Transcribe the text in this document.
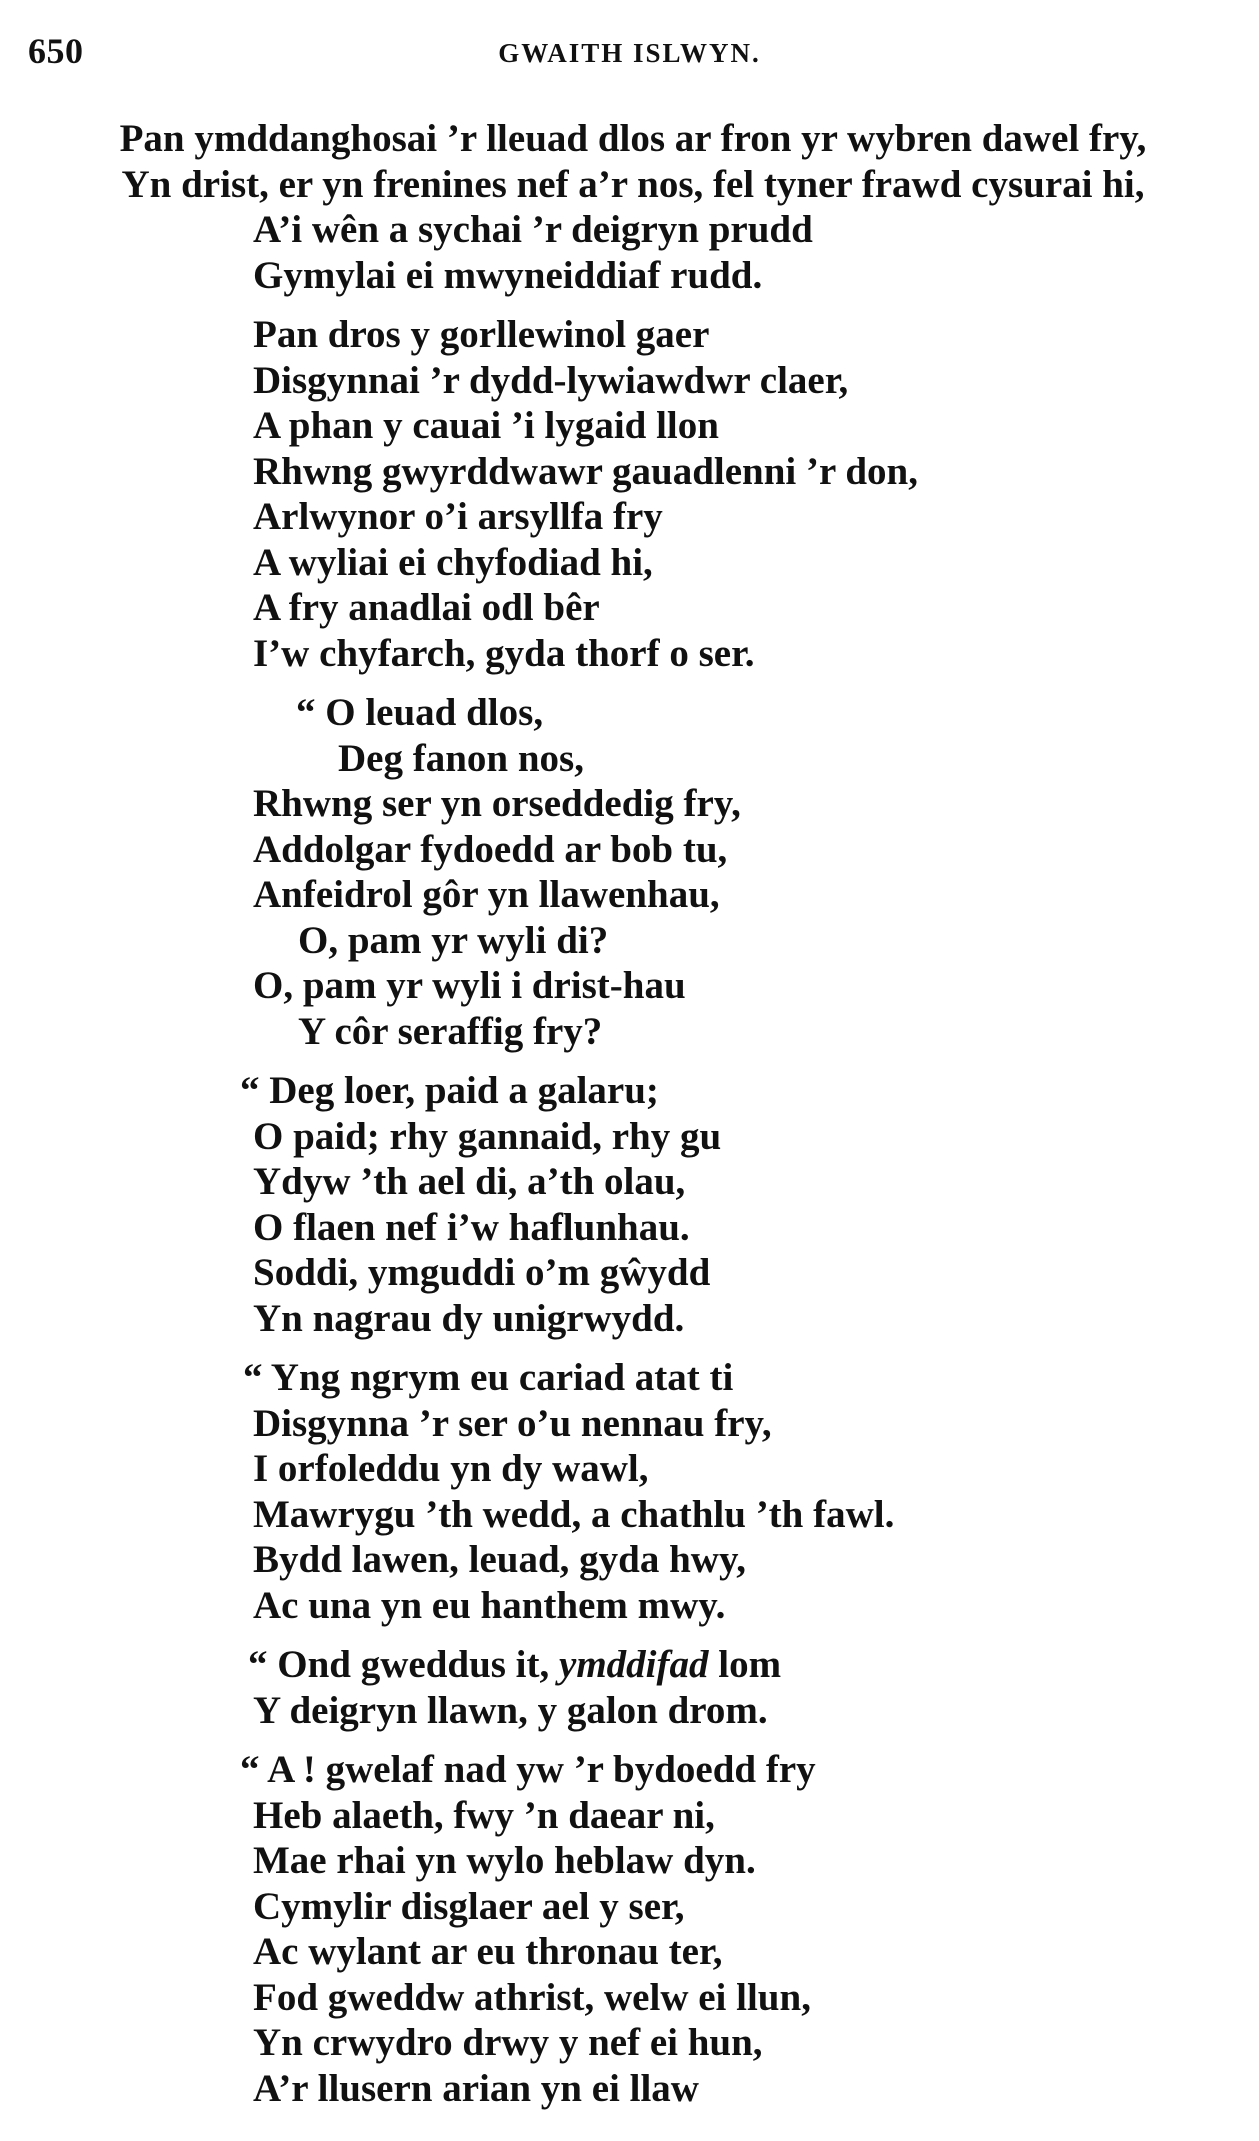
650	GWAITH ISLWYN.
Pan ymddanghosai ’r lleuad dlos ar fron yr wybren dawel fry,
Yn drist, er yn frenines nef a’r nos, fel tyner frawd cysurai hi,
A’i wên a sychai ’r deigryn prudd
Gymylai ei mwyneiddiaf rudd.
Pan dros y gorllewinol gaer
Disgynnai ’r dydd-lywiawdwr claer,
A phan y cauai ’i lygaid llon
Rhwng gwyrddwawr gauadlenni ’r don,
Arlwynor o’i arsyllfa fry
A wyliai ei chyfodiad hi,
A fry anadlai odl bêr
I’w chyfarch, gyda thorf o ser.
“ O leuad dlos,
Deg fanon nos,
Rhwng ser yn orseddedig fry,
Addolgar fydoedd ar bob tu,
Anfeidrol gôr yn llawenhau,
O, pam yr wyli di?
O, pam yr wyli i drist-hau
Y côr seraffig fry?
“ Deg loer, paid a galaru;
O paid; rhy gannaid, rhy gu
Ydyw ’th ael di, a’th olau,
O flaen nef i’w haflunhau.
Soddi, ymguddi o’m gŵydd
Yn nagrau dy unigrwydd.
“ Yng ngrym eu cariad atat ti
Disgynna ’r ser o’u nennau fry,
I orfoleddu yn dy wawl,
Mawrygu ’th wedd, a chathlu ’th fawl.
Bydd lawen, leuad, gyda hwy,
Ac una yn eu hanthem mwy.
“ Ond gweddus it, ymddifad lom
Y deigryn llawn, y galon drom.
“ A ! gwelaf nad yw ’r bydoedd fry
Heb alaeth, fwy ’n daear ni,
Mae rhai yn wylo heblaw dyn.
Cymylir disglaer ael y ser,
Ac wylant ar eu thronau ter,
Fod gweddw athrist, welw ei llun,
Yn crwydro drwy y nef ei hun,
A’r llusern arian yn ei llaw
